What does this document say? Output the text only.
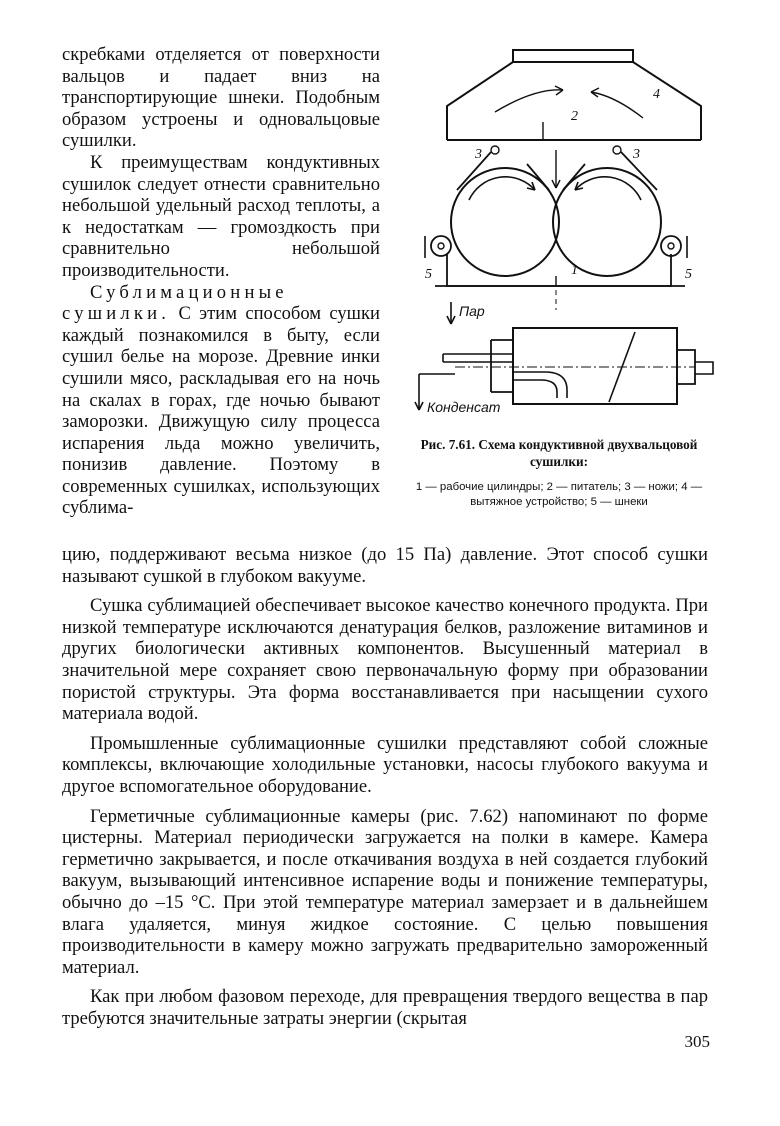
скребками отделяется от поверхности вальцов и падает вниз на транспортирующие шнеки. Подобным образом устроены и одновальцовые сушилки.

К преимуществам кондуктивных сушилок следует отнести сравнительно небольшой удельный расход теплоты, а к недостаткам — громоздкость при сравнительно небольшой производительности.

Сублимационные сушилки. С этим способом сушки каждый познакомился в быту, если сушил белье на морозе. Древние инки сушили мясо, раскладывая его на ночь на скалах в горах, где ночью бывают заморозки. Движущую силу процесса испарения льда можно увеличить, понизив давление. Поэтому в современных сушилках, использующих сублима-

2
4
3	3
1
5	5
Пар
Конденсат
Рис. 7.61. Схема кондуктивной двухвальцовой сушилки:
1 — рабочие цилиндры; 2 — питатель; 3 — ножи; 4 — вытяжное устройство; 5 — шнеки

цию, поддерживают весьма низкое (до 15 Па) давление. Этот способ сушки называют сушкой в глубоком вакууме.

Сушка сублимацией обеспечивает высокое качество конечного продукта. При низкой температуре исключаются денатурация белков, разложение витаминов и других биологически активных компонентов. Высушенный материал в значительной мере сохраняет свою первоначальную форму при образовании пористой структуры. Эта форма восстанавливается при насыщении сухого материала водой.

Промышленные сублимационные сушилки представляют собой сложные комплексы, включающие холодильные установки, насосы глубокого вакуума и другое вспомогательное оборудование.

Герметичные сублимационные камеры (рис. 7.62) напоминают по форме цистерны. Материал периодически загружается на полки в камере. Камера герметично закрывается, и после откачивания воздуха в ней создается глубокий вакуум, вызывающий интенсивное испарение воды и понижение температуры, обычно до –15 °С. При этой температуре материал замерзает и в дальнейшем влага удаляется, минуя жидкое состояние. С целью повышения производительности в камеру можно загружать предварительно замороженный материал.

Как при любом фазовом переходе, для превращения твердого вещества в пар требуются значительные затраты энергии (скрытая

305
